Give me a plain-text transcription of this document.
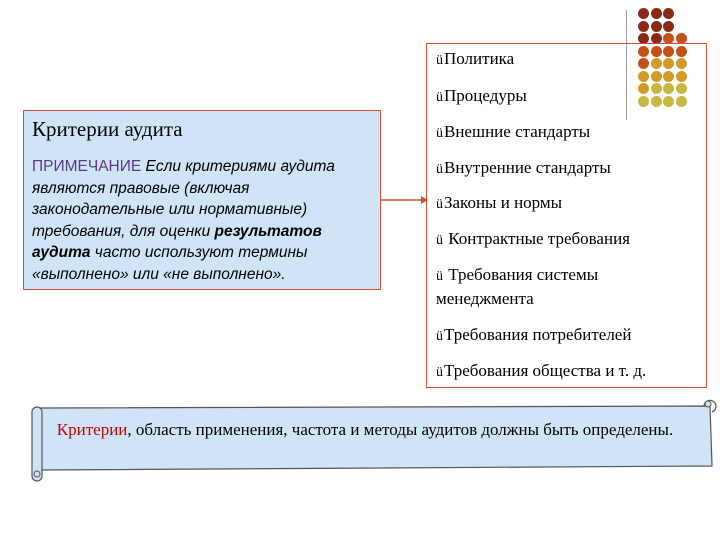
Критерии аудита
ПРИМЕЧАНИЕ Если критериями аудита являются правовые (включая законодательные или нормативные) требования, для оценки результатов аудита часто используют термины «выполнено» или «не выполнено».
üПолитика
üПроцедуры
üВнешние стандарты
üВнутренние стандарты
üЗаконы и нормы
ü Контрактные требования
ü Требования системы
менеджмента
üТребования потребителей
üТребования общества и т. д.
Критерии, область применения, частота и методы аудитов должны быть определены.
